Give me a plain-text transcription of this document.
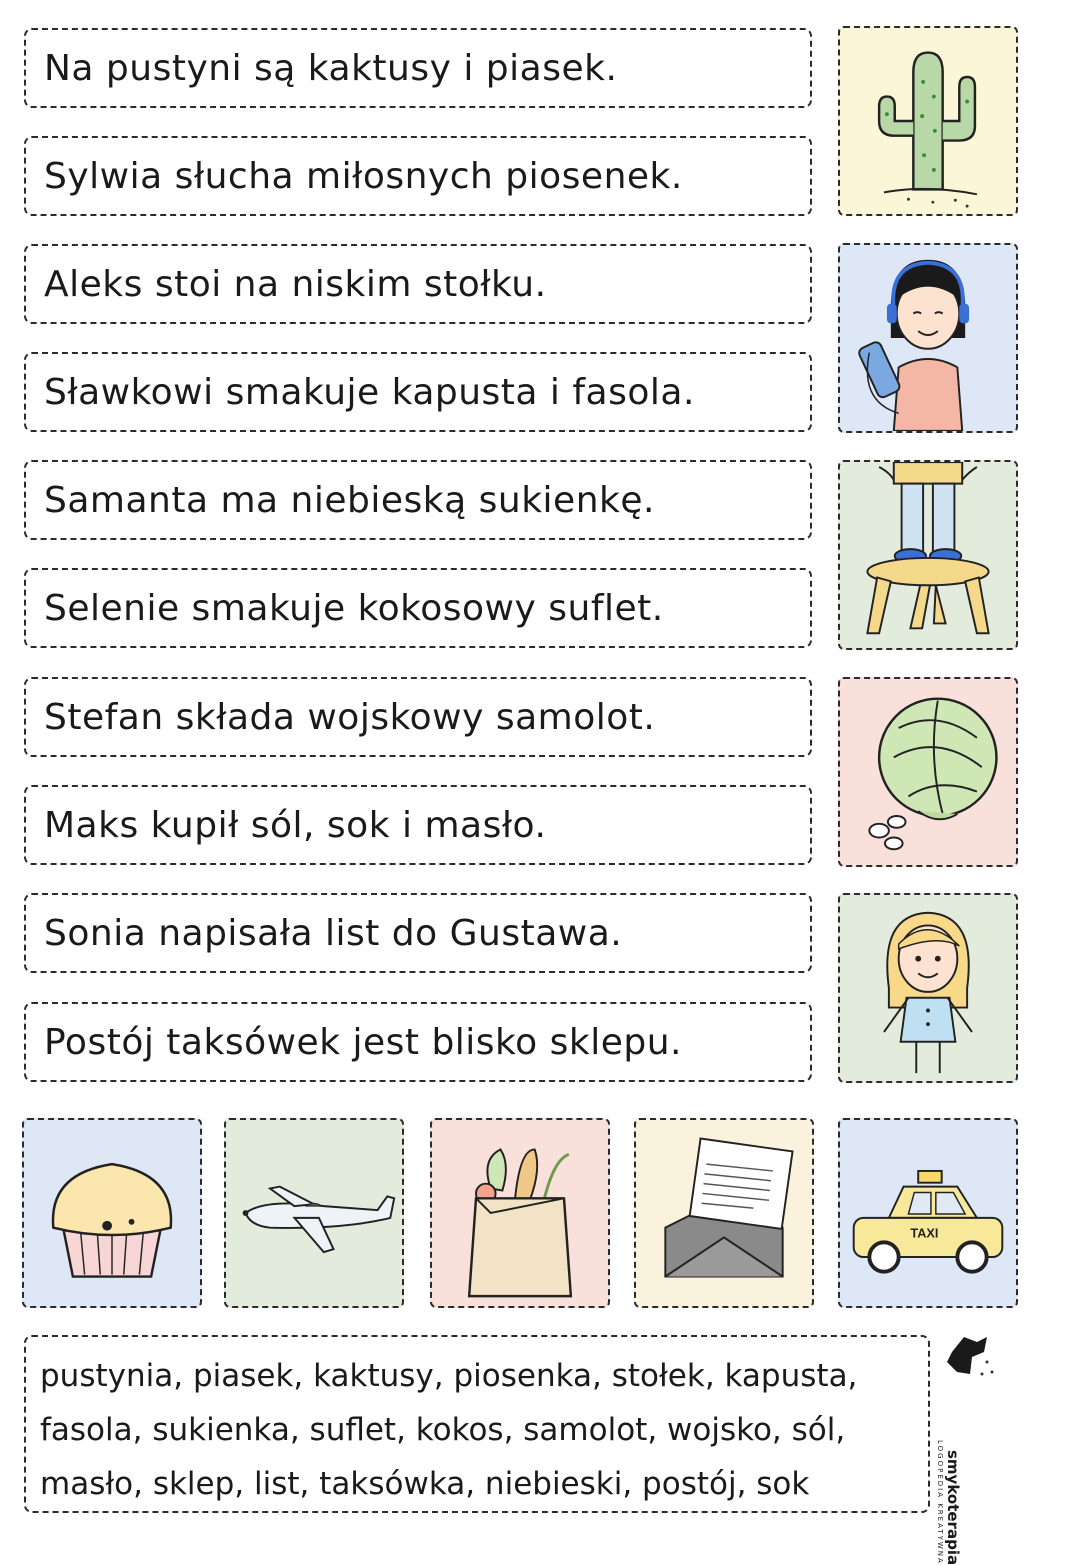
Na pustyni są kaktusy i piasek.
Sylwia słucha miłosnych piosenek.
Aleks stoi na niskim stołku.
Sławkowi smakuje kapusta i fasola.
Samanta ma niebieską sukienkę.
Selenie smakuje kokosowy suflet.
Stefan składa wojskowy samolot.
Maks kupił sól, sok i masło.
Sonia napisała list do Gustawa.
Postój taksówek jest blisko sklepu.
TAXI
pustynia, piasek, kaktusy, piosenka, stołek, kapusta,
fasola, sukienka, suflet, kokos, samolot, wojsko, sól,
masło, sklep, list, taksówka, niebieski, postój, sok	smykoterapia
LOGOPEDIA KREATYWNA
